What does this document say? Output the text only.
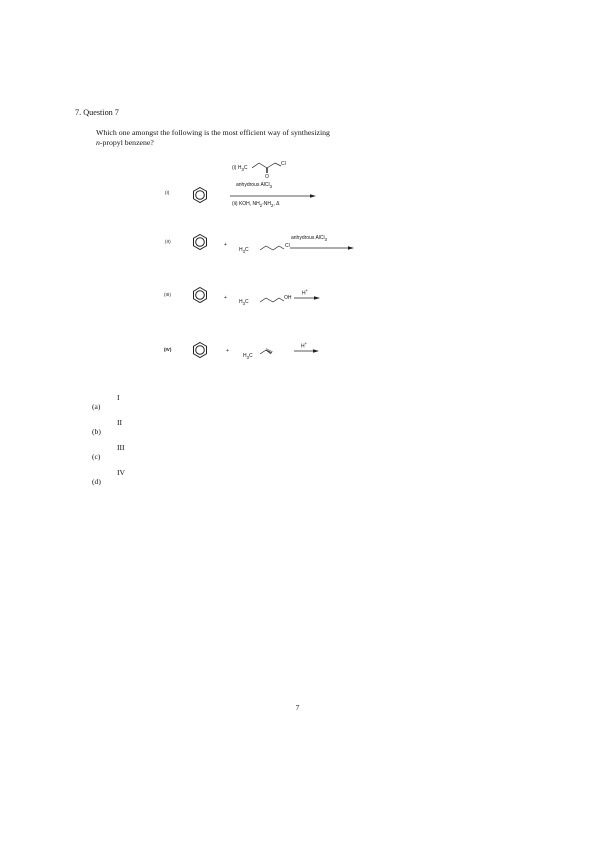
7. Question 7
Which one amongst the following is the most efficient way of synthesizing
n-propyl benzene?
(I)
(i) $H_3C$
Cl
O
anhydrous AlCl$_3$
(ii) KOH, $NH_2-NH_2$, Δ
(II)
+
$H_3C$
Cl
anhydrous AlCl$_3$
(III)
+
$H_3C$
OH
H+
(IV)	+
$H_3C$
H+
I
(a)
II
(b)
III
(c)
IV
(d)
7
